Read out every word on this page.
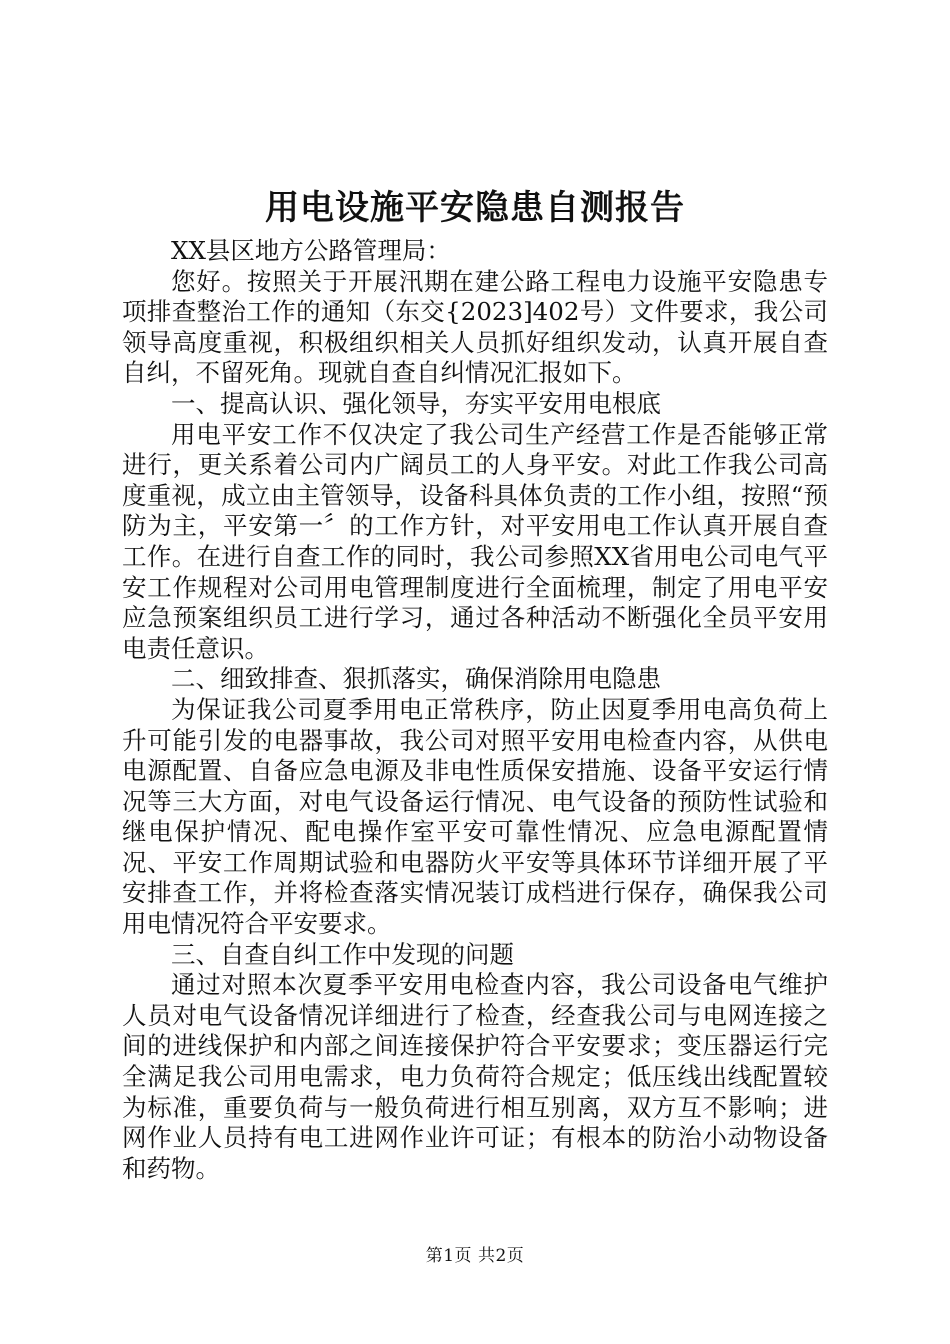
用电设施平安隐患自测报告

XX县区地方公路管理局：

您好。按照关于开展汛期在建公路工程电力设施平安隐患专项排查整治工作的通知（东交{2023]402号）文件要求，我公司领导高度重视，积极组织相关人员抓好组织发动，认真开展自查自纠，不留死角。现就自查自纠情况汇报如下。

一、提高认识、强化领导，夯实平安用电根底

用电平安工作不仅决定了我公司生产经营工作是否能够正常进行，更关系着公司内广阔员工的人身平安。对此工作我公司高度重视，成立由主管领导，设备科具体负责的工作小组，按照“预防为主，平安第一〞的工作方针，对平安用电工作认真开展自查工作。在进行自查工作的同时，我公司参照XX省用电公司电气平安工作规程对公司用电管理制度进行全面梳理，制定了用电平安应急预案组织员工进行学习，通过各种活动不断强化全员平安用电责任意识。

二、细致排查、狠抓落实，确保消除用电隐患

为保证我公司夏季用电正常秩序，防止因夏季用电高负荷上升可能引发的电器事故，我公司对照平安用电检查内容，从供电电源配置、自备应急电源及非电性质保安措施、设备平安运行情况等三大方面，对电气设备运行情况、电气设备的预防性试验和继电保护情况、配电操作室平安可靠性情况、应急电源配置情况、平安工作周期试验和电器防火平安等具体环节详细开展了平安排查工作，并将检查落实情况装订成档进行保存，确保我公司用电情况符合平安要求。

三、自查自纠工作中发现的问题

通过对照本次夏季平安用电检查内容，我公司设备电气维护人员对电气设备情况详细进行了检查，经查我公司与电网连接之间的进线保护和内部之间连接保护符合平安要求；变压器运行完全满足我公司用电需求，电力负荷符合规定；低压线出线配置较为标准，重要负荷与一般负荷进行相互别离，双方互不影响；进网作业人员持有电工进网作业许可证；有根本的防治小动物设备和药物。

第1页 共2页
